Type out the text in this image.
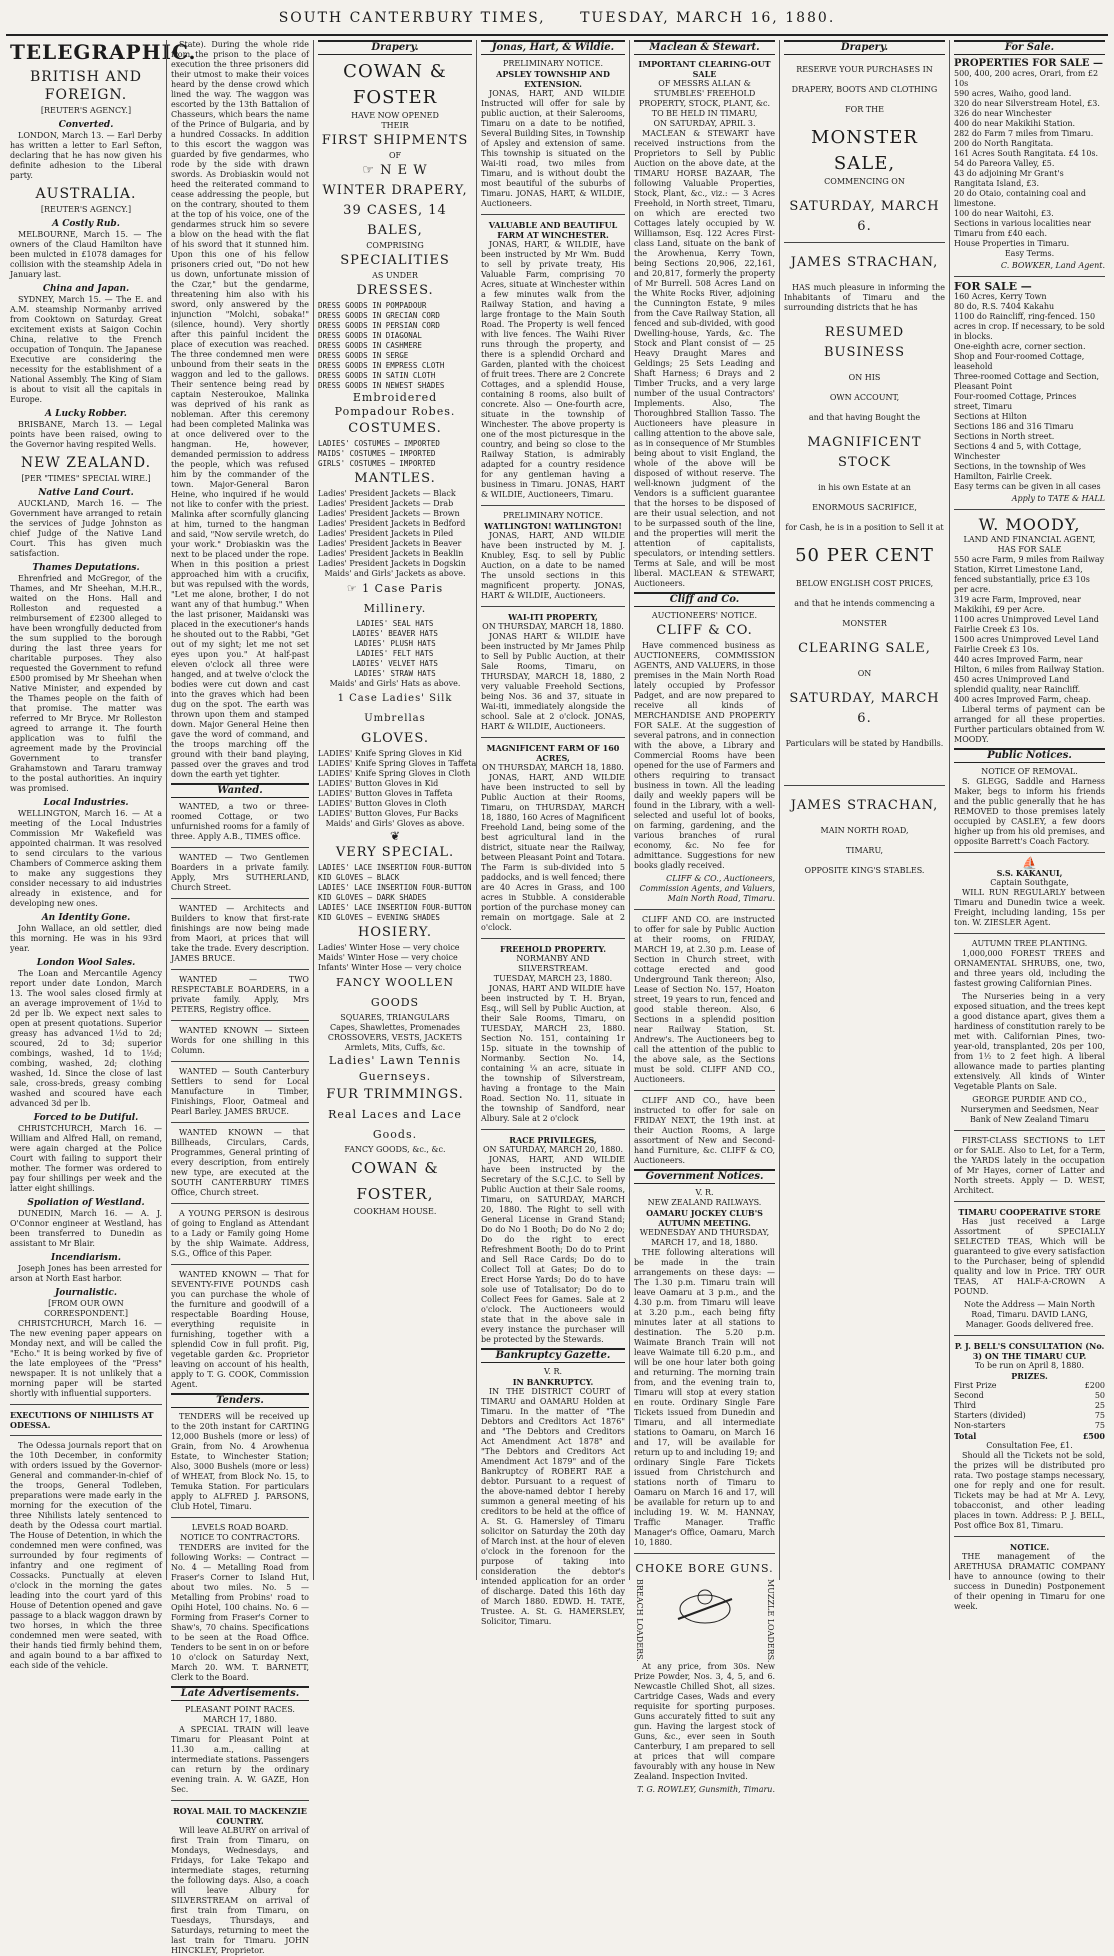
SOUTH CANTERBURY TIMES, TUESDAY, MARCH 16, 1880.
TELEGRAPHIC.
BRITISH AND FOREIGN.
[REUTER'S AGENCY.]
Converted.
LONDON, March 13. — Earl Derby has written a letter to Earl Sefton, declaring that he has now given his definite adhesion to the Liberal party.
AUSTRALIA.
[REUTER'S AGENCY.]
A Costly Rub.
MELBOURNE, March 15. — The owners of the Claud Hamilton have been mulcted in £1078 damages for collision with the steamship Adela in January last.
China and Japan.
SYDNEY, March 15. — The E. and A.M. steamship Normanby arrived from Cooktown on Saturday. Great excitement exists at Saigon Cochin China, relative to the French occupation of Tonquin. The Japanese Executive are considering the necessity for the establishment of a National Assembly. The King of Siam is about to visit all the capitals in Europe.
A Lucky Robber.
BRISBANE, March 13. — Legal points have been raised, owing to the Governor having respited Wells.
NEW ZEALAND.
[PER "TIMES" SPECIAL WIRE.]
Native Land Court.
AUCKLAND, March 16. — The Government have arranged to retain the services of Judge Johnston as chief Judge of the Native Land Court. This has given much satisfaction.
Thames Deputations.
Ehrenfried and McGregor, of the Thames, and Mr Sheehan, M.H.R., waited on the Hons. Hall and Rolleston and requested a reimbursement of £2300 alleged to have been wrongfully deducted from the sum supplied to the borough during the last three years for charitable purposes. They also requested the Government to refund £500 promised by Mr Sheehan when Native Minister, and expended by the Thames people on the faith of that promise. The matter was referred to Mr Bryce. Mr Rolleston agreed to arrange it. The fourth application was to fulfil the agreement made by the Provincial Government to transfer Grahamstown and Tararu tramway to the postal authorities. An inquiry was promised.
Local Industries.
WELLINGTON, March 16. — At a meeting of the Local Industries Commission Mr Wakefield was appointed chairman. It was resolved to send circulars to the various Chambers of Commerce asking them to make any suggestions they consider necessary to aid industries already in existence, and for developing new ones.
An Identity Gone.
John Wallace, an old settler, died this morning. He was in his 93rd year.
London Wool Sales.
The Loan and Mercantile Agency report under date London, March 13. The wool sales closed firmly at an average improvement of 1½d to 2d per lb. We expect next sales to open at present quotations. Superior greasy has advanced 1½d to 2d; scoured, 2d to 3d; superior combings, washed, 1d to 1½d; combing, washed, 2d; clothing washed, 1d. Since the close of last sale, cross-breds, greasy combing washed and scoured have each advanced 3d per lb.
Forced to be Dutiful.
CHRISTCHURCH, March 16. — William and Alfred Hall, on remand, were again charged at the Police Court with failing to support their mother. The former was ordered to pay four shillings per week and the latter eight shillings.
Spoliation of Westland.
DUNEDIN, March 16. — A. J. O'Connor engineer at Westland, has been transferred to Dunedin as assistant to Mr Blair.
Incendiarism.
Joseph Jones has been arrested for arson at North East harbor.
Journalistic.
[FROM OUR OWN CORRESPONDENT.]
CHRISTCHURCH, March 16. — The new evening paper appears on Monday next, and will be called the "Echo." It is being worked by five of the late employees of the "Press" newspaper. It is not unlikely that a morning paper will be started shortly with influential supporters.
EXECUTIONS OF NIHILISTS AT ODESSA.
The Odessa journals report that on the 10th December, in conformity with orders issued by the Governor-General and commander-in-chief of the troops, General Todleben, preparations were made early in the morning for the execution of the three Nihilists lately sentenced to death by the Odessa court martial. The House of Detention, in which the condemned men were confined, was surrounded by four regiments of infantry and one regiment of Cossacks. Punctually at eleven o'clock in the morning the gates leading into the court yard of this House of Detention opened and gave passage to a black waggon drawn by two horses, in which the three condemned men were seated, with their hands tied firmly behind them, and again bound to a bar affixed to each side of the vehicle.
State). During the whole ride from the prison to the place of execution the three prisoners did their utmost to make their voices heard by the dense crowd which lined the way. The waggon was escorted by the 13th Battalion of Chasseurs, which bears the name of the Prince of Bulgaria, and by a hundred Cossacks. In addition to this escort the waggon was guarded by five gendarmes, who rode by the side with drawn swords. As Drobiaskin would not heed the reiterated command to cease addressing the people, but on the contrary, shouted to them at the top of his voice, one of the gendarmes struck him so severe a blow on the head with the flat of his sword that it stunned him. Upon this one of his fellow prisoners cried out, "Do not hew us down, unfortunate mission of the Czar," but the gendarme, threatening him also with his sword, only answered by the injunction "Molchi, sobaka!" (silence, hound). Very shortly after this painful incident the place of execution was reached. The three condemned men were unbound from their seats in the waggon and led to the gallows. Their sentence being read by captain Nesteroukoe, Malinka was deprived of his rank as nobleman. After this ceremony had been completed Malinka was at once delivered over to the hangman. He, however, demanded permission to address the people, which was refused him by the commander of the town. Major-General Baron Heine, who inquired if he would not like to confer with the priest. Malinka after scornfully glancing at him, turned to the hangman and said, "Now servile wretch, do your work." Drobiaskin was the next to be placed under the rope. When in this position a priest approached him with a crucifix, but was repulsed with the words, "Let me alone, brother, I do not want any of that humbug." When the last prisoner, Maidanski was placed in the executioner's hands he shouted out to the Rabbi, "Get out of my sight; let me not set eyes upon you." At half-past eleven o'clock all three were hanged, and at twelve o'clock the bodies were cut down and cast into the graves which had been dug on the spot. The earth was thrown upon them and stamped down. Major General Heine then gave the word of command, and the troops marching off the ground with their band playing, passed over the graves and trod down the earth yet tighter.
Wanted.
WANTED, a two or three-roomed Cottage, or two unfurnished rooms for a family of three. Apply A.B., TIMES office.
WANTED — Two Gentlemen Boarders in a private family. Apply, Mrs SUTHERLAND, Church Street.
WANTED — Architects and Builders to know that first-rate finishings are now being made from Maori, at prices that will take the trade. Every description. JAMES BRUCE.
WANTED — TWO RESPECTABLE BOARDERS, in a private family. Apply, Mrs PETERS, Registry office.
WANTED KNOWN — Sixteen Words for one shilling in this Column.
WANTED — South Canterbury Settlers to send for Local Manufacture in Timber, Finishings, Floor, Oatmeal and Pearl Barley. JAMES BRUCE.
WANTED KNOWN — that Billheads, Circulars, Cards, Programmes, General printing of every description, from entirely new type, are executed at the SOUTH CANTERBURY TIMES Office, Church street.
A YOUNG PERSON is desirous of going to England as Attendant to a Lady or Family going Home by the ship Waimate. Address, S.G., Office of this Paper.
WANTED KNOWN — That for SEVENTY-FIVE POUNDS cash you can purchase the whole of the furniture and goodwill of a respectable Boarding House, everything requisite in furnishing, together with a splendid Cow in full profit. Pig, vegetable garden &c. Proprietor leaving on account of his health, apply to T. G. COOK, Commission Agent.
Tenders.
TENDERS will be received up to the 20th instant for CARTING 12,000 Bushels (more or less) of Grain, from No. 4 Arowhenua Estate, to Winchester Station; Also, 3000 Bushels (more or less) of WHEAT, from Block No. 15, to Temuka Station. For particulars apply to ALFRED J. PARSONS, Club Hotel, Timaru.
LEVELS ROAD BOARD.
NOTICE TO CONTRACTORS.
TENDERS are invited for the following Works: — Contract — No. 4 — Metalling Road from Fraser's Corner to Island Hut, about two miles. No. 5 — Metalling from Probins' road to Opihi Hotel, 100 chains. No. 6 — Forming from Fraser's Corner to Shaw's, 70 chains. Specifications to be seen at the Road Office. Tenders to be sent in on or before 10 o'clock on Saturday Next, March 20. WM. T. BARNETT, Clerk to the Board.
Late Advertisements.
PLEASANT POINT RACES.
MARCH 17, 1880.
A SPECIAL TRAIN will leave Timaru for Pleasant Point at 11.30 a.m., calling at intermediate stations. Passengers can return by the ordinary evening train. A. W. GAZE, Hon Sec.
ROYAL MAIL TO MACKENZIE COUNTRY.
Will leave ALBURY on arrival of first Train from Timaru, on Mondays, Wednesdays, and Fridays, for Lake Tekapo and intermediate stages, returning the following days. Also, a coach will leave Albury for SILVERSTREAM on arrival of first train from Timaru, on Tuesdays, Thursdays, and Saturdays, returning to meet the last train for Timaru. JOHN HINCKLEY, Proprietor.
Drapery.
COWAN & FOSTER
HAVE NOW OPENED
THEIR
FIRST SHIPMENTS
OF
☞ N E W
WINTER DRAPERY,
39 CASES, 14 BALES,
COMPRISING
SPECIALITIES
AS UNDER
DRESSES.
DRESS GOODS IN POMPADOUR
DRESS GOODS IN GRECIAN CORD
DRESS GOODS IN PERSIAN CORD
DRESS GOODS IN DIAGONAL
DRESS GOODS IN CASHMERE
DRESS GOODS IN SERGE
DRESS GOODS IN EMPRESS CLOTH
DRESS GOODS IN SATIN CLOTH
DRESS GOODS IN NEWEST SHADES
Embroidered Pompadour Robes.
COSTUMES.
LADIES' COSTUMES — IMPORTED
MAIDS' COSTUMES — IMPORTED
GIRLS' COSTUMES — IMPORTED
MANTLES.
Ladies' President Jackets — Black
Ladies' President Jackets — Drab
Ladies' President Jackets — Brown
Ladies' President Jackets in Bedford
Ladies' President Jackets in Piled
Ladies' President Jackets in Beaver
Ladies' President Jackets in Beaklin
Ladies' President Jackets in Dogskin
Maids' and Girls' Jackets as above.
☞ 1 Case Paris Millinery.
LADIES' SEAL HATS
LADIES' BEAVER HATS
LADIES' PLUSH HATS
LADIES' FELT HATS
LADIES' VELVET HATS
LADIES' STRAW HATS
Maids' and Girls' Hats as above.
1 Case Ladies' Silk Umbrellas
GLOVES.
LADIES' Knife Spring Gloves in Kid
LADIES' Knife Spring Gloves in Taffeta
LADIES' Knife Spring Gloves in Cloth
LADIES' Button Gloves in Kid
LADIES' Button Gloves in Taffeta
LADIES' Button Gloves in Cloth
LADIES' Button Gloves, Fur Backs
Maids' and Girls' Gloves as above.
❦
VERY SPECIAL.
LADIES' LACE INSERTION FOUR-BUTTON KID GLOVES — BLACK
LADIES' LACE INSERTION FOUR-BUTTON KID GLOVES — DARK SHADES
LADIES' LACE INSERTION FOUR-BUTTON KID GLOVES — EVENING SHADES
HOSIERY.
Ladies' Winter Hose — very choice
Maids' Winter Hose — very choice
Infants' Winter Hose — very choice
FANCY WOOLLEN GOODS
SQUARES, TRIANGULARS
Capes, Shawlettes, Promenades
CROSSOVERS, VESTS, JACKETS
Armlets, Mits, Cuffs, &c.
Ladies' Lawn Tennis Guernseys.
FUR TRIMMINGS.
Real Laces and Lace Goods.
FANCY GOODS, &c., &c.
COWAN & FOSTER,
COOKHAM HOUSE.
Jonas, Hart, & Wildie.
PRELIMINARY NOTICE.
APSLEY TOWNSHIP AND EXTENSION.
JONAS, HART, AND WILDIE Instructed will offer for sale by public auction, at their Salerooms, Timaru on a date to be notified, Several Building Sites, in Township of Apsley and extension of same. This township is situated on the Wai-iti road, two miles from Timaru, and is without doubt the most beautiful of the suburbs of Timaru. JONAS, HART, & WILDIE, Auctioneers.
VALUABLE AND BEAUTIFUL FARM AT WINCHESTER.
JONAS, HART, & WILDIE, have been instructed by Mr Wm. Budd to sell by private treaty, His Valuable Farm, comprising 70 Acres, situate at Winchester within a few minutes walk from the Railway Station, and having a large frontage to the Main South Road. The Property is well fenced with live fences. The Waihi River runs through the property, and there is a splendid Orchard and Garden, planted with the choicest of fruit trees. There are 2 Concrete Cottages, and a splendid House, containing 8 rooms, also built of concrete. Also — One-fourth acre, situate in the township of Winchester. The above property is one of the most picturesque in the country, and being so close to the Railway Station, is admirably adapted for a country residence for any gentleman having a business in Timaru. JONAS, HART & WILDIE, Auctioneers, Timaru.
PRELIMINARY NOTICE.
WATLINGTON! WATLINGTON!
JONAS, HART, AND WILDIE have been instructed by M. J. Knubley, Esq. to sell by Public Auction, on a date to be named The unsold sections in this magnificent property. JONAS, HART & WILDIE, Auctioneers.
WAI-ITI PROPERTY,
ON THURSDAY, MARCH 18, 1880.
JONAS HART & WILDIE have been instructed by Mr James Philp to Sell by Public Auction, at their Sale Rooms, Timaru, on THURSDAY, MARCH 18, 1880, 2 very valuable Freehold Sections, being Nos. 36 and 37, situate in Wai-iti, immediately alongside the school. Sale at 2 o'clock. JONAS, HART & WILDIE, Auctioneers.
MAGNIFICENT FARM OF 160 ACRES,
ON THURSDAY, MARCH 18, 1880.
JONAS, HART, AND WILDIE have been instructed to sell by Public Auction at their Rooms, Timaru, on THURSDAY, MARCH 18, 1880, 160 Acres of Magnificent Freehold Land, being some of the best agricultural land in the district, situate near the Railway, between Pleasant Point and Totara. The Farm is sub-divided into 5 paddocks, and is well fenced; there are 40 Acres in Grass, and 100 acres in Stubble. A considerable portion of the purchase money can remain on mortgage. Sale at 2 o'clock.
FREEHOLD PROPERTY.
NORMANBY AND SILVERSTREAM.
TUESDAY, MARCH 23, 1880.
JONAS, HART AND WILDIE have been instructed by T. H. Bryan, Esq., will Sell by Public Auction, at their Sale Rooms, Timaru, on TUESDAY, MARCH 23, 1880. Section No. 151, containing 1r 15p. situate in the township of Normanby. Section No. 14, containing ¼ an acre, situate in the township of Silverstream, having a frontage to the Main Road. Section No. 11, situate in the township of Sandford, near Albury. Sale at 2 o'clock
RACE PRIVILEGES,
ON SATURDAY, MARCH 20, 1880.
JONAS, HART, AND WILDIE have been instructed by the Secretary of the S.C.J.C. to Sell by Public Auction at their Sale rooms, Timaru, on SATURDAY, MARCH 20, 1880. The Right to sell with General License in Grand Stand; Do do No 1 Booth; Do do No 2 do; Do do the right to erect Refreshment Booth; Do do to Print and Sell Race Cards; Do do to Collect Toll at Gates; Do do to Erect Horse Yards; Do do to have sole use of Totalisator; Do do to Collect Fees for Games. Sale at 2 o'clock. The Auctioneers would state that in the above sale in every instance the purchaser will be protected by the Stewards.
Bankruptcy Gazette.
V. R.
IN BANKRUPTCY.
IN THE DISTRICT COURT of TIMARU and OAMARU Holden at Timaru. In the matter of "The Debtors and Creditors Act 1876" and "The Debtors and Creditors Act Amendment Act 1878" and "The Debtors and Creditors Act Amendment Act 1879" and of the Bankruptcy of ROBERT RAE a debtor. Pursuant to a request of the above-named debtor I hereby summon a general meeting of his creditors to be held at the office of A. St. G. Hamersley of Timaru solicitor on Saturday the 20th day of March inst. at the hour of eleven o'clock in the forenoon for the purpose of taking into consideration the debtor's intended application for an order of discharge. Dated this 16th day of March 1880. EDWD. H. TATE, Trustee. A. St. G. HAMERSLEY, Solicitor, Timaru.
Maclean & Stewart.
IMPORTANT CLEARING-OUT SALE
OF MESSRS ALLAN & STUMBLES' FREEHOLD PROPERTY, STOCK, PLANT, &c.
TO BE HELD IN TIMARU,
ON SATURDAY, APRIL 3.
MACLEAN & STEWART have received instructions from the Proprietors to Sell by Public Auction on the above date, at the TIMARU HORSE BAZAAR, The following Valuable Properties, Stock, Plant, &c., viz.: — 3 Acres Freehold, in North street, Timaru, on which are erected two Cottages lately occupied by W. Williamson, Esq. 122 Acres First-class Land, situate on the bank of the Arowhenua, Kerry Town, being Sections 20,906, 22,161, and 20,817, formerly the property of Mr Burrell. 508 Acres Land on the White Rocks River, adjoining the Cunnington Estate, 9 miles from the Cave Railway Station, all fenced and sub-divided, with good Dwelling-house, Yards, &c. The Stock and Plant consist of — 25 Heavy Draught Mares and Geldings; 25 Sets Leading and Shaft Harness; 6 Drays and 2 Timber Trucks, and a very large number of the usual Contractors' Implements. Also, The Thoroughbred Stallion Tasso. The Auctioneers have pleasure in calling attention to the above sale, as in consequence of Mr Stumbles being about to visit England, the whole of the above will be disposed of without reserve. The well-known judgment of the Vendors is a sufficient guarantee that the horses to be disposed of are their usual selection, and not to be surpassed south of the line, and the properties will merit the attention of capitalists, speculators, or intending settlers. Terms at Sale, and will be most liberal. MACLEAN & STEWART, Auctioneers.
Cliff and Co.
AUCTIONEERS' NOTICE.
CLIFF & CO.
Have commenced business as AUCTIONEERS, COMMISSION AGENTS, AND VALUERS, in those premises in the Main North Road lately occupied by Professor Padget, and are now prepared to receive all kinds of MERCHANDISE AND PROPERTY FOR SALE. At the suggestion of several patrons, and in connection with the above, a Library and Commercial Rooms have been opened for the use of Farmers and others requiring to transact business in town. All the leading daily and weekly papers will be found in the Library, with a well-selected and useful lot of books, on farming, gardening, and the various branches of rural economy, &c. No fee for admittance. Suggestions for new books gladly received.
CLIFF & CO., Auctioneers, Commission Agents, and Valuers, Main North Road, Timaru.
CLIFF AND CO. are instructed to offer for sale by Public Auction at their rooms, on FRIDAY, MARCH 19, at 2.30 p.m. Lease of Section in Church street, with cottage erected and good Underground Tank thereon; Also, Lease of Section No. 157, Hoaton street, 19 years to run, fenced and good stable thereon. Also, 6 Sections in a splendid position near Railway Station, St. Andrew's. The Auctioneers beg to call the attention of the public to the above sale, as the Sections must be sold. CLIFF AND CO., Auctioneers.
CLIFF AND CO., have been instructed to offer for sale on FRIDAY NEXT, the 19th inst. at their Auction Rooms, A large assortment of New and Second-hand Furniture, &c. CLIFF & CO, Auctioneers.
Government Notices.
V. R.
NEW ZEALAND RAILWAYS.
OAMARU JOCKEY CLUB'S AUTUMN MEETING.
WEDNESDAY AND THURSDAY, MARCH 17, and 18, 1880.
THE following alterations will be made in the train arrangements on these days: — The 1.30 p.m. Timaru train will leave Oamaru at 3 p.m., and the 4.30 p.m. from Timaru will leave at 3.20 p.m., each being fifty minutes later at all stations to destination. The 5.20 p.m. Waimate Branch Train will not leave Waimate till 6.20 p.m., and will be one hour later both going and returning. The morning train from, and the evening train to, Timaru will stop at every station en route. Ordinary Single Fare Tickets issued from Dunedin and Timaru, and all intermediate stations to Oamaru, on March 16 and 17, will be available for return up to and including 19; and ordinary Single Fare Tickets issued from Christchurch and stations north of Timaru to Oamaru on March 16 and 17, will be available for return up to and including 19. W. M. HANNAY, Traffic Manager. Traffic Manager's Office, Oamaru, March 10, 1880.
CHOKE BORE GUNS.
BREACH LOADERS.	MUZZLE LOADERS.
At any price, from 30s. New Prize Powder, Nos. 3, 4, 5, and 6. Newcastle Chilled Shot, all sizes. Cartridge Cases, Wads and every requisite for sporting purposes. Guns accurately fitted to suit any gun. Having the largest stock of Guns, &c., ever seen in South Canterbury, I am prepared to sell at prices that will compare favourably with any house in New Zealand. Inspection Invited.
T. G. ROWLEY, Gunsmith, Timaru.
Drapery.
RESERVE YOUR PURCHASES IN
DRAPERY, BOOTS AND CLOTHING
FOR THE
MONSTER SALE,
COMMENCING ON
SATURDAY, MARCH 6.
JAMES STRACHAN,
HAS much pleasure in informing the Inhabitants of Timaru and the surrounding districts that he has
RESUMED BUSINESS
ON HIS
OWN ACCOUNT,
and that having Bought the
MAGNIFICENT STOCK
in his own Estate at an
ENORMOUS SACRIFICE,
for Cash, he is in a position to Sell it at
50 PER CENT
BELOW ENGLISH COST PRICES,
and that he intends commencing a
MONSTER
CLEARING SALE,
ON
SATURDAY, MARCH 6.
Particulars will be stated by Handbills.
JAMES STRACHAN,
MAIN NORTH ROAD,
TIMARU,
OPPOSITE KING'S STABLES.
For Sale.
PROPERTIES FOR SALE —
500, 400, 200 acres, Orari, from £2 10s
590 acres, Waiho, good land.
320 do near Silverstream Hotel, £3.
326 do near Winchester
400 do near Makikihi Station.
282 do Farm 7 miles from Timaru.
200 do North Rangitata.
161 Acres South Rangitata. £4 10s.
54 do Pareora Valley, £5.
43 do adjoining Mr Grant's Rangitata Island, £3.
20 do Otaio, containing coal and limestone.
100 do near Waitohi, £3.
Sections in various localities near Timaru from £40 each.
House Properties in Timaru.
Easy Terms.
C. BOWKER, Land Agent.
FOR SALE —
160 Acres, Kerry Town
80 do, R.S. 7404 Kakahu
1100 do Raincliff, ring-fenced. 150 acres in crop. If necessary, to be sold in blocks.
One-eighth acre, corner section. Shop and Four-roomed Cottage, leasehold
Three-roomed Cottage and Section, Pleasant Point
Four-roomed Cottage, Princes street, Timaru
Sections at Hilton
Sections 186 and 316 Timaru
Sections in North street.
Sections 4 and 5, with Cottage, Winchester
Sections, in the township of Wes Hamilton, Fairlie Creek.
Easy terms can be given in all cases
Apply to TATE & HALL
W. MOODY,
LAND AND FINANCIAL AGENT,
HAS FOR SALE
550 acre Farm, 9 miles from Railway Station, Kirret Limestone Land, fenced substantially, price £3 10s per acre.
319 acre Farm, Improved, near Makikihi, £9 per Acre.
1100 acres Unimproved Level Land Fairlie Creek £3 10s.
1500 acres Unimproved Level Land Fairlie Creek £3 10s.
440 acres Improved Farm, near Hilton, 6 miles from Railway Station.
450 acres Unimproved Land splendid quality, near Raincliff.
400 acres Improved Farm, cheap.
Liberal terms of payment can be arranged for all these properties. Further particulars obtained from W. MOODY.
Public Notices.
NOTICE OF REMOVAL.
S. GLEGG, Saddle and Harness Maker, begs to inform his friends and the public generally that he has REMOVED to those premises lately occupied by CASLEY, a few doors higher up from his old premises, and opposite Barrett's Coach Factory.
⛵
S.S. KAKANUI,
Captain Southgate,
WILL RUN REGULARLY between Timaru and Dunedin twice a week. Freight, including landing, 15s per ton. W. ZIESLER Agent.
AUTUMN TREE PLANTING.
1,000,000 FOREST TREES and ORNAMENTAL SHRUBS, one, two, and three years old, including the fastest growing Californian Pines.
The Nurseries being in a very exposed situation, and the trees kept a good distance apart, gives them a hardiness of constitution rarely to be met with. Californian Pines, two-year-old, transplanted, 20s per 100, from 1½ to 2 feet high. A liberal allowance made to parties planting extensively. All kinds of Winter Vegetable Plants on Sale.
GEORGE PURDIE AND CO., Nurserymen and Seedsmen, Near Bank of New Zealand Timaru
FIRST-CLASS SECTIONS to LET or for SALE. Also to Let, for a Term, the YARDS lately in the occupation of Mr Hayes, corner of Latter and North streets. Apply — D. WEST, Architect.
TIMARU COOPERATIVE STORE
Has just received a Large Assortment of SPECIALLY SELECTED TEAS, Which will be guaranteed to give every satisfaction to the Purchaser, being of splendid quality and low in Price. TRY OUR TEAS, AT HALF-A-CROWN A POUND.
Note the Address — Main North Road, Timaru. DAVID LANG, Manager. Goods delivered free.
P. J. BELL'S CONSULTATION (No. 3) ON THE TIMARU CUP.
To be run on April 8, 1880.
PRIZES.
First Prize	£200
Second	50
Third	25
Starters (divided)	75
Non-starters	75
Total	£500
Consultation Fee, £1.
Should all the Tickets not be sold, the prizes will be distributed pro rata. Two postage stamps necessary, one for reply and one for result. Tickets may be had at Mr A. Levy, tobacconist, and other leading places in town. Address: P. J. BELL, Post office Box 81, Timaru.
NOTICE.
THE management of the ARETHUSA DRAMATIC COMPANY have to announce (owing to their success in Dunedin) Postponement of their opening in Timaru for one week.
